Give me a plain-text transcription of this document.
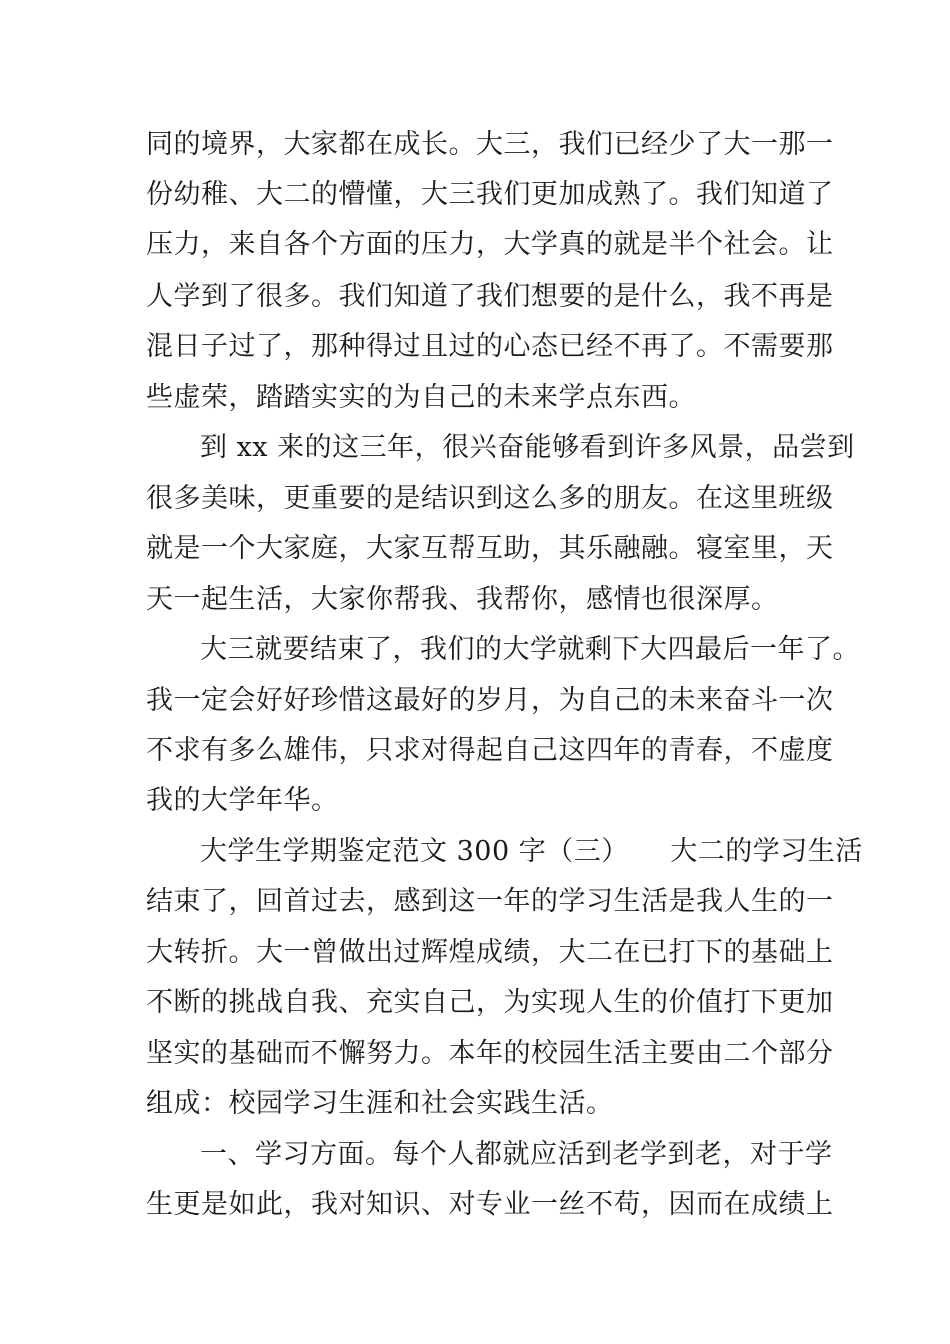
同的境界，大家都在成长。大三，我们已经少了大一那一
份幼稚、大二的懵懂，大三我们更加成熟了。我们知道了
压力，来自各个方面的压力，大学真的就是半个社会。让
人学到了很多。我们知道了我们想要的是什么，我不再是
混日子过了，那种得过且过的心态已经不再了。不需要那
些虚荣，踏踏实实的为自己的未来学点东西。
到 xx 来的这三年，很兴奋能够看到许多风景，品尝到
很多美味，更重要的是结识到这么多的朋友。在这里班级
就是一个大家庭，大家互帮互助，其乐融融。寝室里，天
天一起生活，大家你帮我、我帮你，感情也很深厚。
大三就要结束了，我们的大学就剩下大四最后一年了。
我一定会好好珍惜这最好的岁月，为自己的未来奋斗一次
不求有多么雄伟，只求对得起自己这四年的青春，不虚度
我的大学年华。
大学生学期鉴定范文 300 字（三）　　大二的学习生活
结束了，回首过去，感到这一年的学习生活是我人生的一
大转折。大一曾做出过辉煌成绩，大二在已打下的基础上
不断的挑战自我、充实自己，为实现人生的价值打下更加
坚实的基础而不懈努力。本年的校园生活主要由二个部分
组成：校园学习生涯和社会实践生活。
一、学习方面。每个人都就应活到老学到老，对于学
生更是如此，我对知识、对专业一丝不苟，因而在成绩上
